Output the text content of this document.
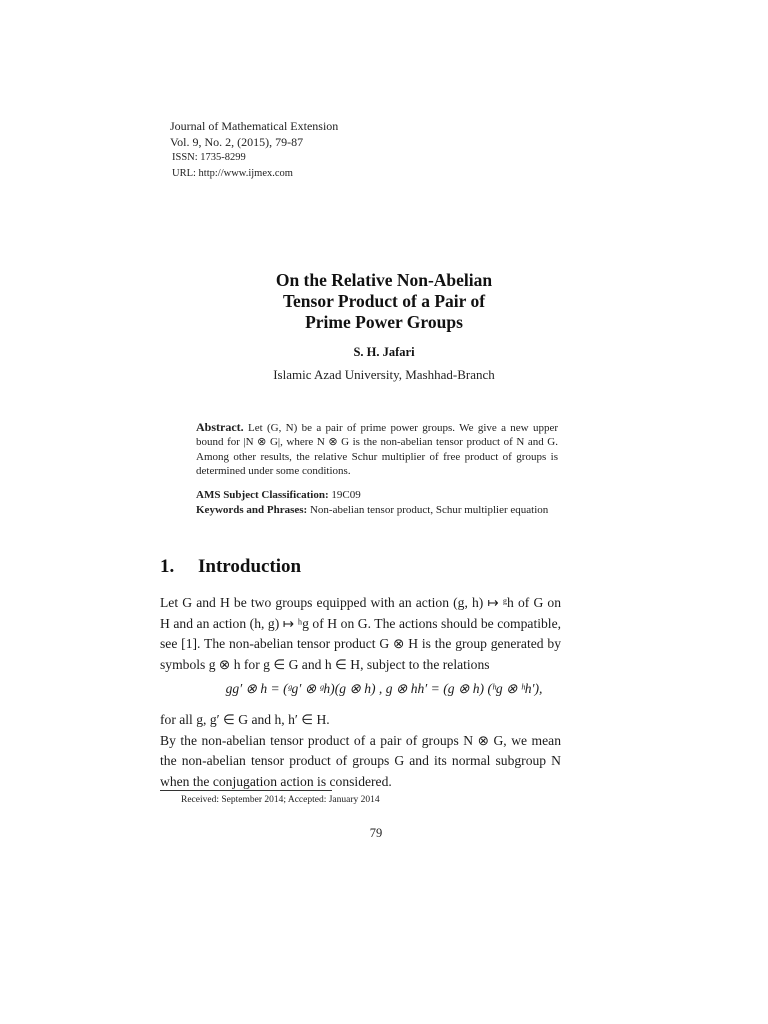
Journal of Mathematical Extension
Vol. 9, No. 2, (2015), 79-87
ISSN: 1735-8299
URL: http://www.ijmex.com
On the Relative Non-Abelian
Tensor Product of a Pair of
Prime Power Groups
S. H. Jafari
Islamic Azad University, Mashhad-Branch
Abstract. Let (G, N) be a pair of prime power groups. We give a new upper bound for |N ⊗ G|, where N ⊗ G is the non-abelian tensor product of N and G. Among other results, the relative Schur multiplier of free product of groups is determined under some conditions.
AMS Subject Classification: 19C09
Keywords and Phrases: Non-abelian tensor product, Schur multiplier equation
1. Introduction
Let G and H be two groups equipped with an action (g, h) ↦ ᵍh of G on H and an action (h, g) ↦ ʰg of H on G. The actions should be compatible, see [1]. The non-abelian tensor product G ⊗ H is the group generated by symbols g ⊗ h for g ∈ G and h ∈ H, subject to the relations
gg′ ⊗ h = (ᵍg′ ⊗ ᵍh)(g ⊗ h) , g ⊗ hh′ = (g ⊗ h) (ʰg ⊗ ʰh′),
for all g, g′ ∈ G and h, h′ ∈ H.
By the non-abelian tensor product of a pair of groups N ⊗ G, we mean the non-abelian tensor product of groups G and its normal subgroup N when the conjugation action is considered.
Received: September 2014; Accepted: January 2014
79
